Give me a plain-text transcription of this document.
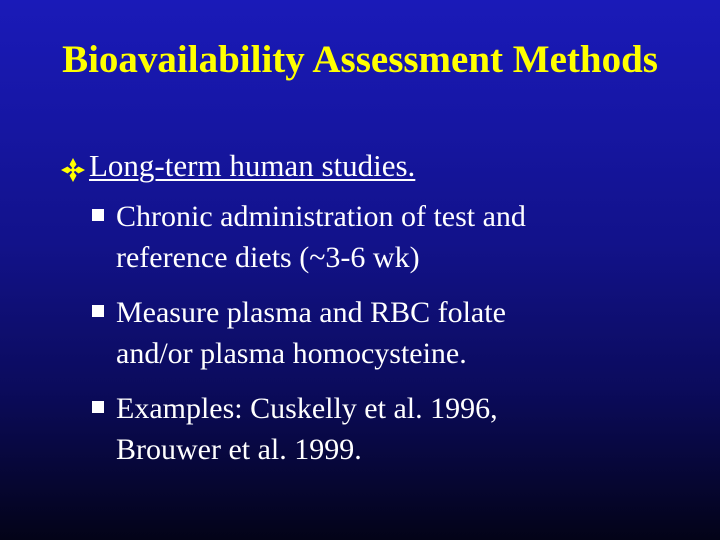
Bioavailability Assessment Methods
Long-term human studies.
Chronic administration of test and
reference diets (~3-6 wk)
Measure plasma and RBC folate
and/or plasma homocysteine.
Examples: Cuskelly et al. 1996,
Brouwer et al. 1999.
